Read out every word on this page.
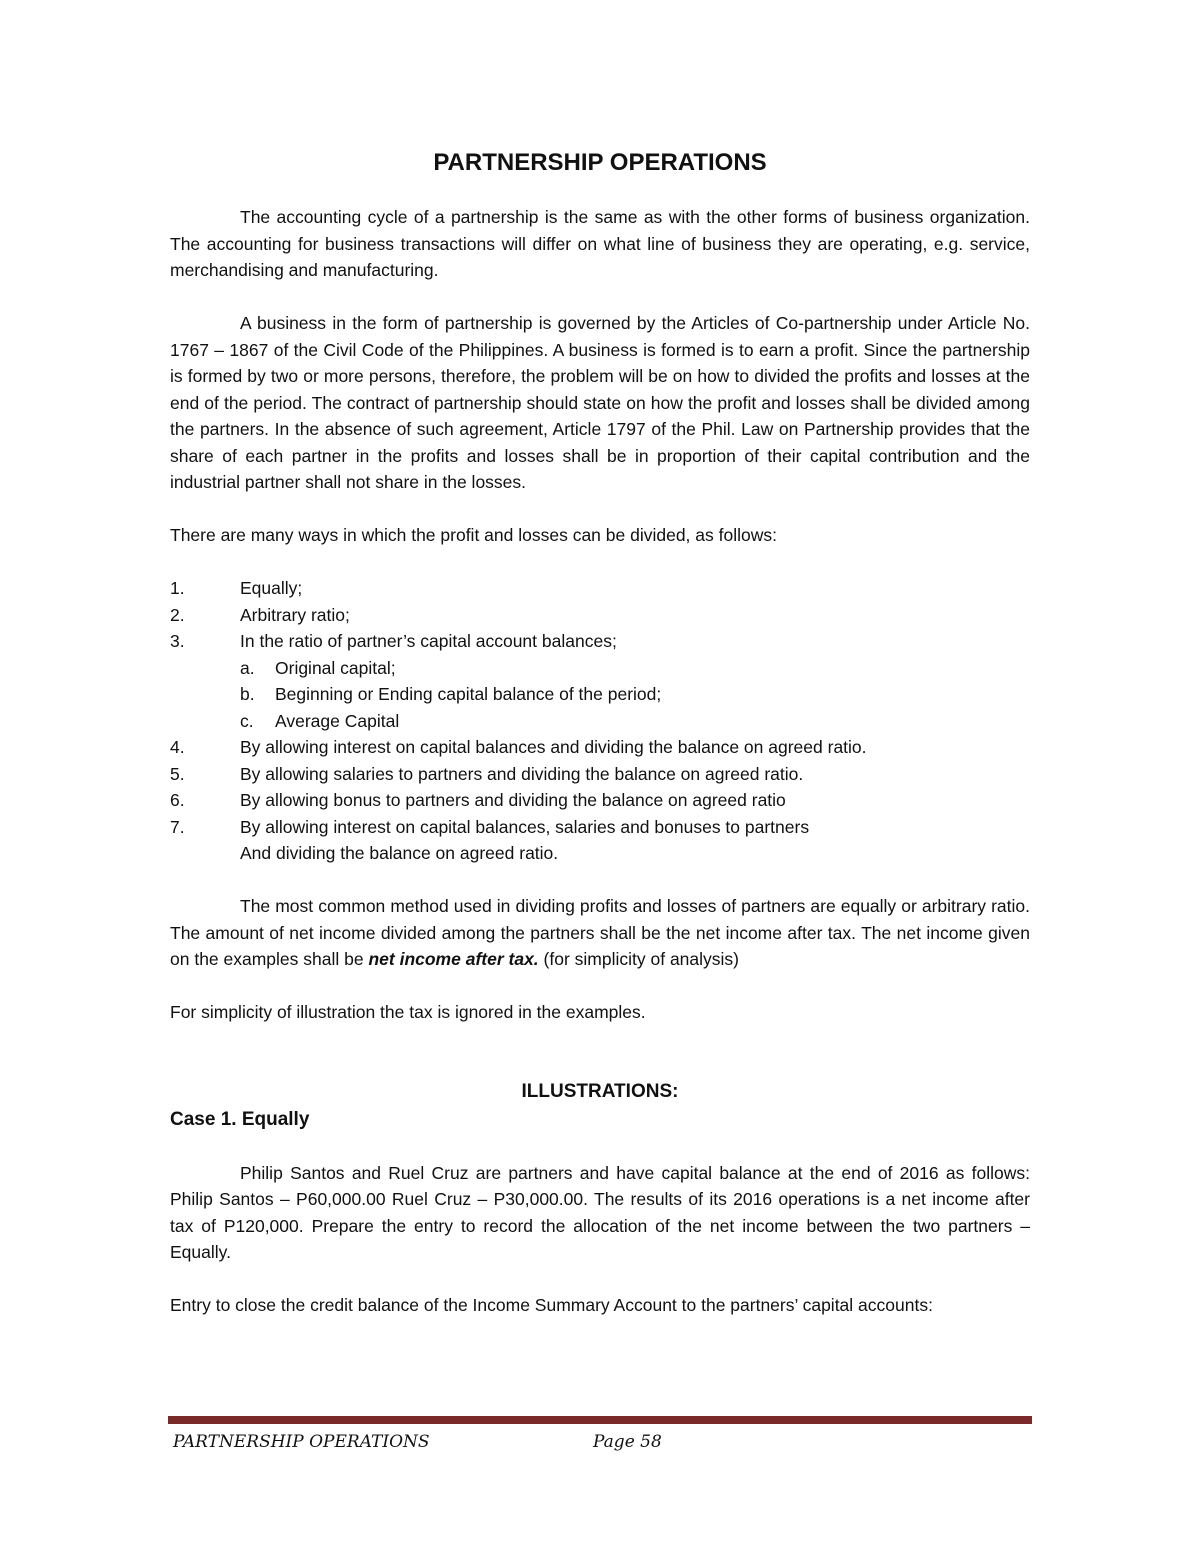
PARTNERSHIP OPERATIONS

The accounting cycle of a partnership is the same as with the other forms of business organization. The accounting for business transactions will differ on what line of business they are operating, e.g. service, merchandising and manufacturing.

A business in the form of partnership is governed by the Articles of Co-partnership under Article No. 1767 – 1867 of the Civil Code of the Philippines. A business is formed is to earn a profit. Since the partnership is formed by two or more persons, therefore, the problem will be on how to divided the profits and losses at the end of the period. The contract of partnership should state on how the profit and losses shall be divided among the partners. In the absence of such agreement, Article 1797 of the Phil. Law on Partnership provides that the share of each partner in the profits and losses shall be in proportion of their capital contribution and the industrial partner shall not share in the losses.

There are many ways in which the profit and losses can be divided, as follows:

1.	Equally;
2.	Arbitrary ratio;
3.	In the ratio of partner’s capital account balances;
a.	Original capital;
b.	Beginning or Ending capital balance of the period;
c.	Average Capital
4.	By allowing interest on capital balances and dividing the balance on agreed ratio.
5.	By allowing salaries to partners and dividing the balance on agreed ratio.
6.	By allowing bonus to partners and dividing the balance on agreed ratio
7.	By allowing interest on capital balances, salaries and bonuses to partners
And dividing the balance on agreed ratio.

The most common method used in dividing profits and losses of partners are equally or arbitrary ratio. The amount of net income divided among the partners shall be the net income after tax. The net income given on the examples shall be net income after tax. (for simplicity of analysis)

For simplicity of illustration the tax is ignored in the examples.

ILLUSTRATIONS:
Case 1. Equally

Philip Santos and Ruel Cruz are partners and have capital balance at the end of 2016 as follows: Philip Santos – P60,000.00 Ruel Cruz – P30,000.00. The results of its 2016 operations is a net income after tax of P120,000. Prepare the entry to record the allocation of the net income between the two partners – Equally.

Entry to close the credit balance of the Income Summary Account to the partners’ capital accounts:

PARTNERSHIP OPERATIONS	Page 58
